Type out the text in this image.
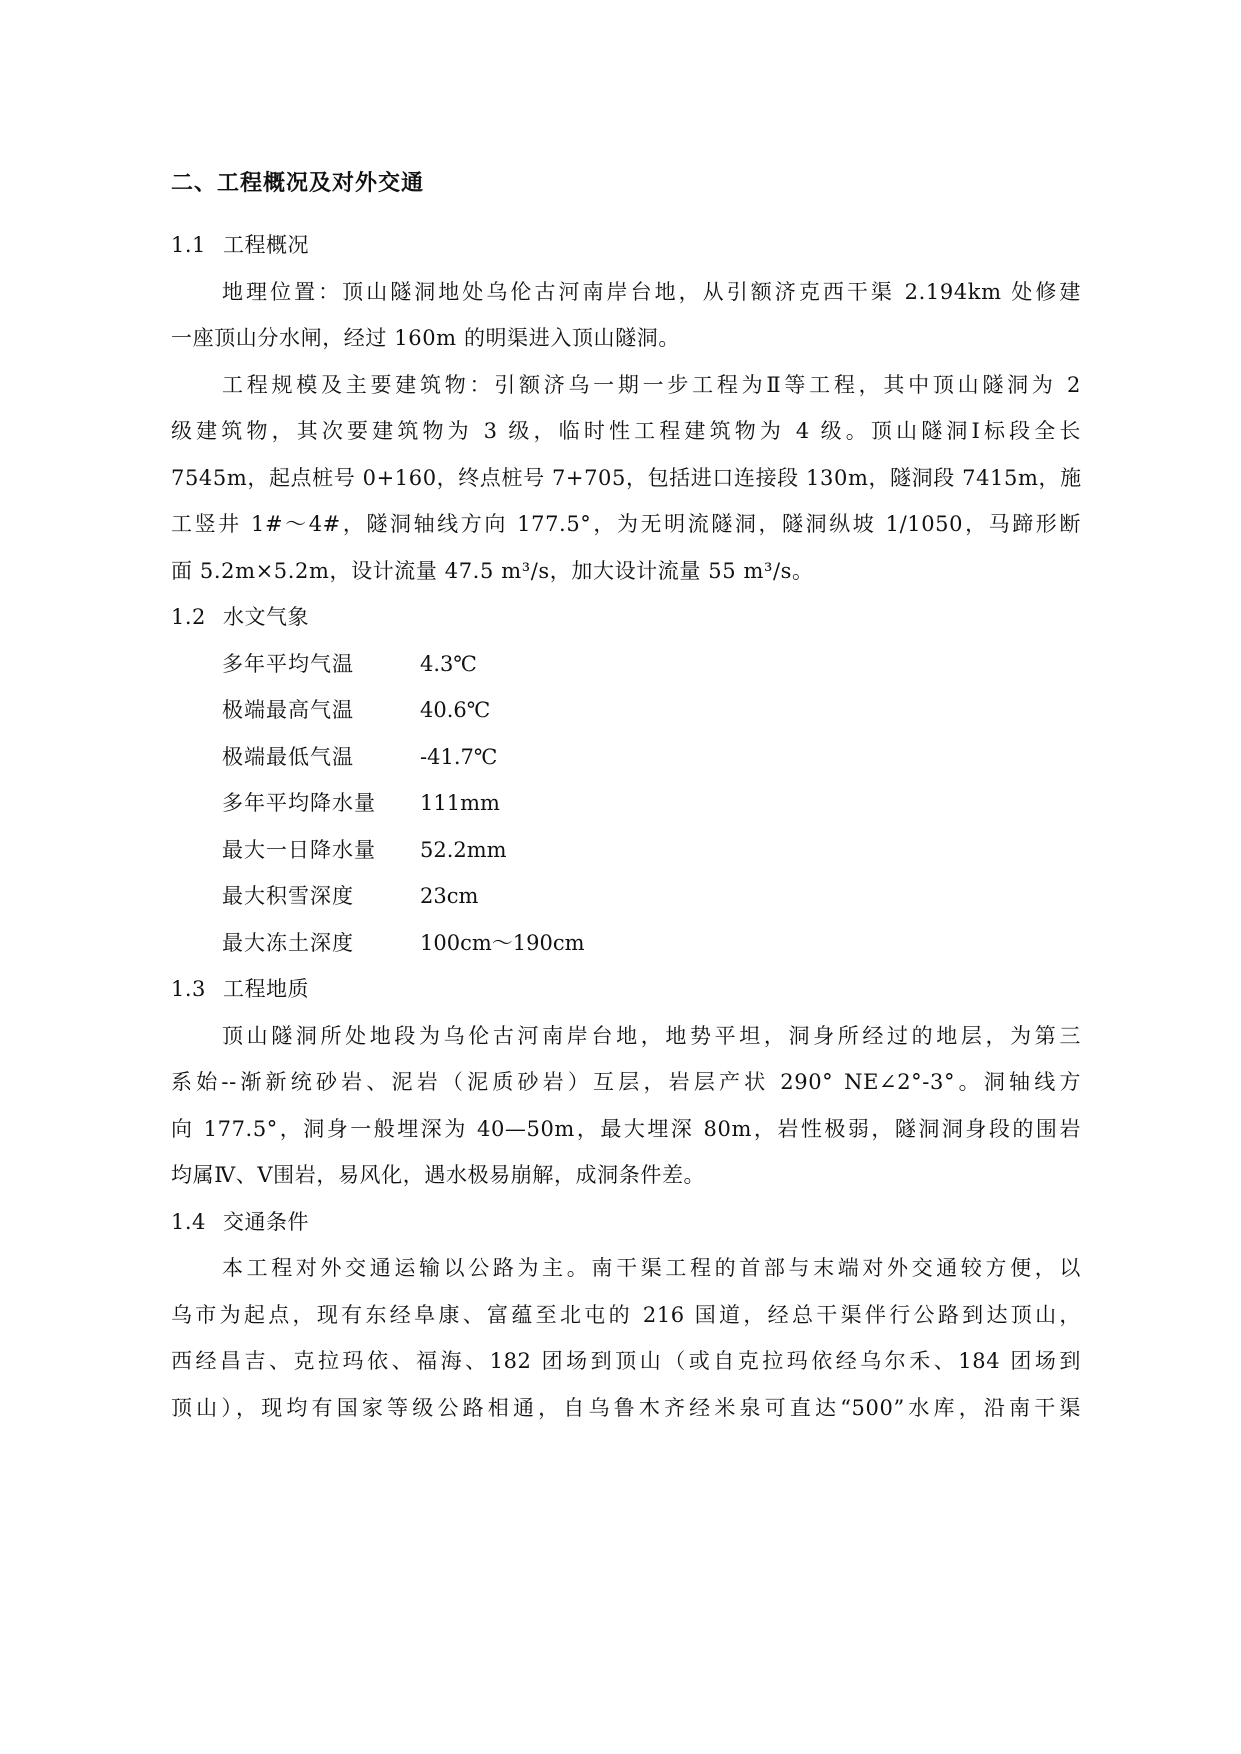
二、工程概况及对外交通
1.1 工程概况
地理位置：顶山隧洞地处乌伦古河南岸台地，从引额济克西干渠 2.194km 处修建
一座顶山分水闸，经过 160m 的明渠进入顶山隧洞。
工程规模及主要建筑物：引额济乌一期一步工程为Ⅱ等工程，其中顶山隧洞为 2
级建筑物，其次要建筑物为 3 级，临时性工程建筑物为 4 级。顶山隧洞Ⅰ标段全长
7545m，起点桩号 0+160，终点桩号 7+705，包括进口连接段 130m，隧洞段 7415m，施
工竖井 1#～4#，隧洞轴线方向 177.5°，为无明流隧洞，隧洞纵坡 1/1050，马蹄形断
面 5.2m×5.2m，设计流量 47.5 m³/s，加大设计流量 55 m³/s。
1.2 水文气象
多年平均气温	4.3℃
极端最高气温	40.6℃
极端最低气温	-41.7℃
多年平均降水量 111mm
最大一日降水量 52.2mm
最大积雪深度	23cm
最大冻土深度	100cm～190cm
1.3 工程地质
顶山隧洞所处地段为乌伦古河南岸台地，地势平坦，洞身所经过的地层，为第三
系始--渐新统砂岩、泥岩（泥质砂岩）互层，岩层产状 290° NE∠2°-3°。洞轴线方
向 177.5°，洞身一般埋深为 40—50m，最大埋深 80m，岩性极弱，隧洞洞身段的围岩
均属Ⅳ、Ⅴ围岩，易风化，遇水极易崩解，成洞条件差。
1.4 交通条件
本工程对外交通运输以公路为主。南干渠工程的首部与末端对外交通较方便，以
乌市为起点，现有东经阜康、富蕴至北屯的 216 国道，经总干渠伴行公路到达顶山，
西经昌吉、克拉玛依、福海、182 团场到顶山（或自克拉玛依经乌尔禾、184 团场到
顶山），现均有国家等级公路相通，自乌鲁木齐经米泉可直达“500”水库，沿南干渠
